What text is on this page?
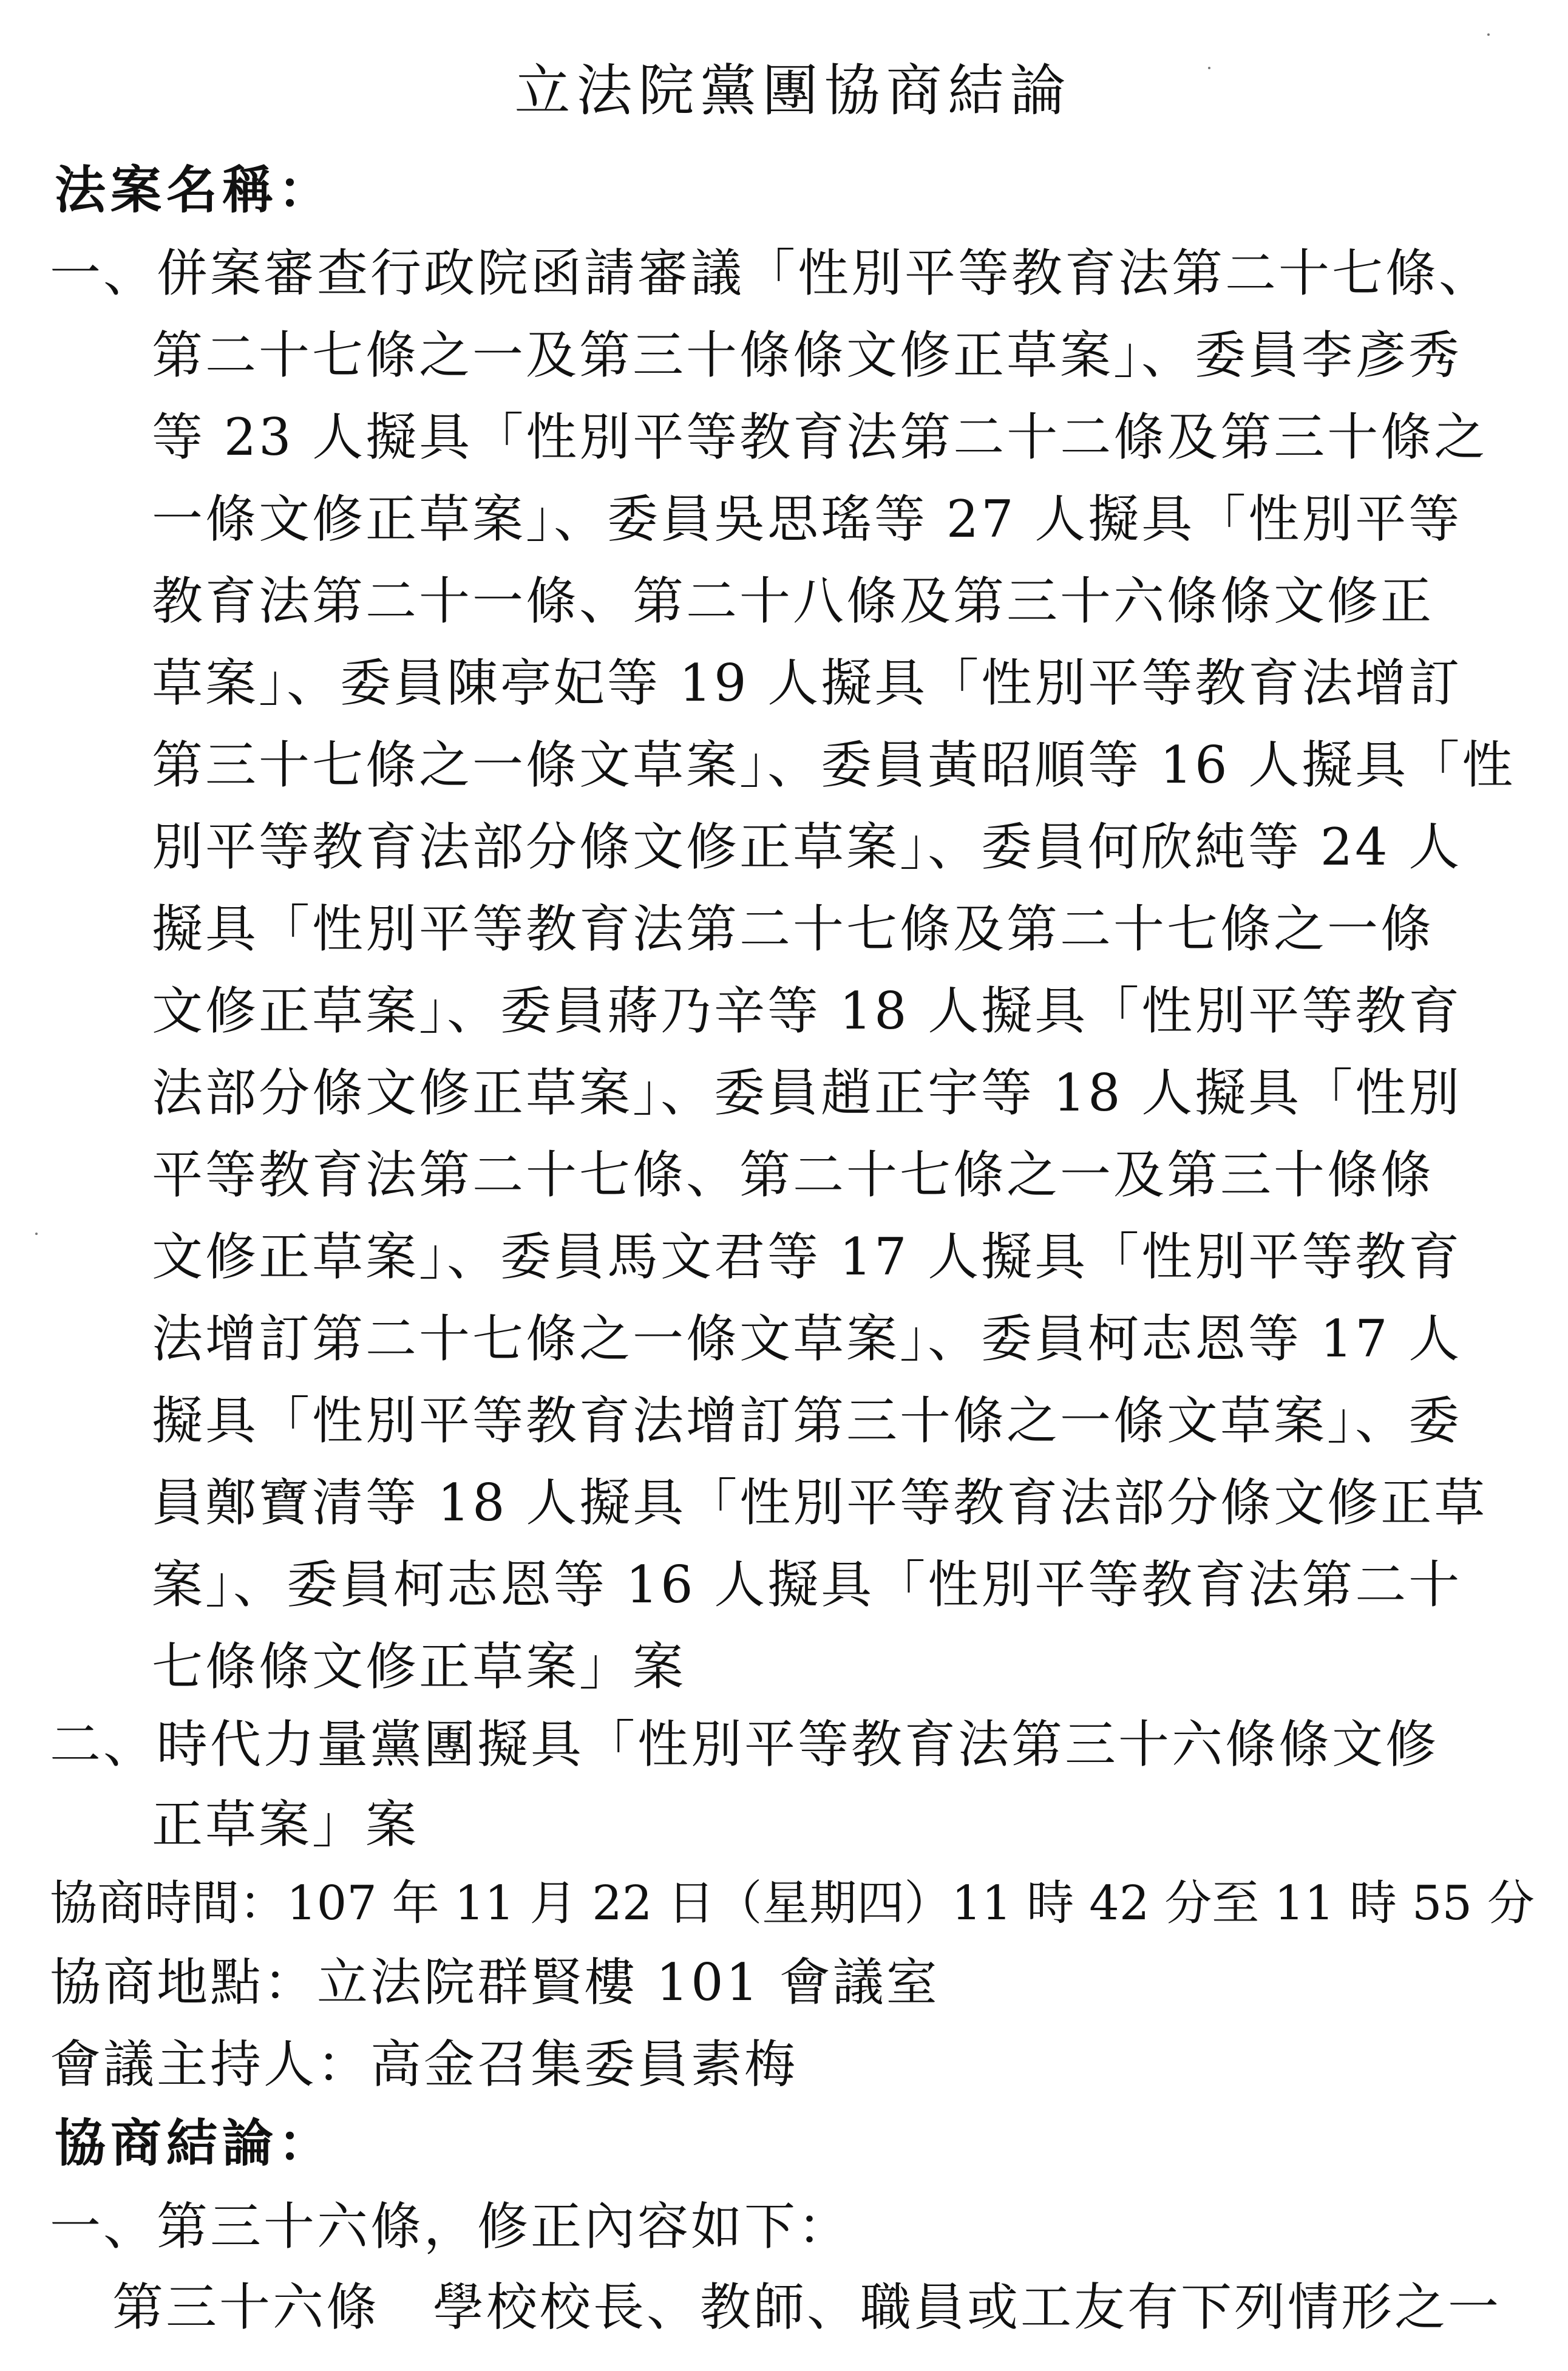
立法院黨團協商結論
法案名稱：
一、併案審查行政院函請審議「性別平等教育法第二十七條、
第二十七條之一及第三十條條文修正草案」、委員李彥秀
等 23 人擬具「性別平等教育法第二十二條及第三十條之
一條文修正草案」、委員吳思瑤等 27 人擬具「性別平等
教育法第二十一條、第二十八條及第三十六條條文修正
草案」、委員陳亭妃等 19 人擬具「性別平等教育法增訂
第三十七條之一條文草案」、委員黃昭順等 16 人擬具「性
別平等教育法部分條文修正草案」、委員何欣純等 24 人
擬具「性別平等教育法第二十七條及第二十七條之一條
文修正草案」、委員蔣乃辛等 18 人擬具「性別平等教育
法部分條文修正草案」、委員趙正宇等 18 人擬具「性別
平等教育法第二十七條、第二十七條之一及第三十條條
文修正草案」、委員馬文君等 17 人擬具「性別平等教育
法增訂第二十七條之一條文草案」、委員柯志恩等 17 人
擬具「性別平等教育法增訂第三十條之一條文草案」、委
員鄭寶清等 18 人擬具「性別平等教育法部分條文修正草
案」、委員柯志恩等 16 人擬具「性別平等教育法第二十
七條條文修正草案」案
二、時代力量黨團擬具「性別平等教育法第三十六條條文修
正草案」案
協商時間：107 年 11 月 22 日（星期四）11 時 42 分至 11 時 55 分
協商地點：立法院群賢樓 101 會議室
會議主持人：高金召集委員素梅
協商結論：
一、第三十六條，修正內容如下：
第三十六條　學校校長、教師、職員或工友有下列情形之一
